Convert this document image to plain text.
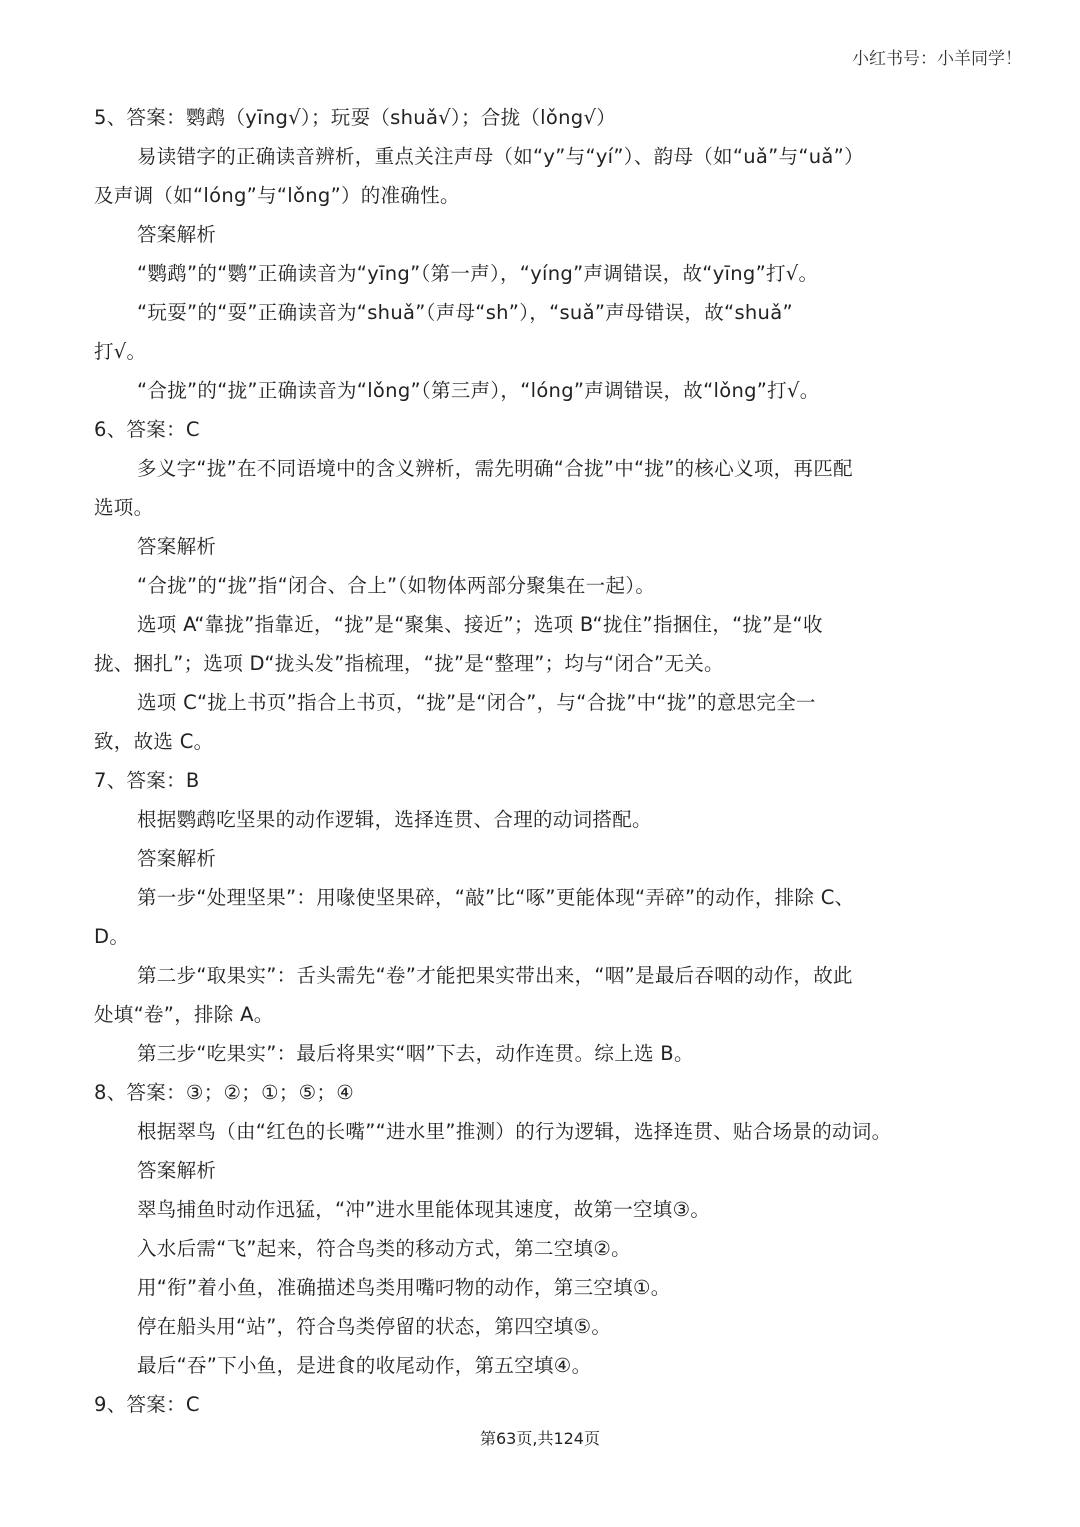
小红书号：小羊同学！
5、答案：鹦鹉（yīng√）；玩耍（shuǎ√）；合拢（lǒng√）
易读错字的正确读音辨析，重点关注声母（如“y”与“yí”）、韵母（如“uǎ”与“uǎ”）
及声调（如“lóng”与“lǒng”）的准确性。
答案解析
“鹦鹉”的“鹦”正确读音为“yīng”（第一声），“yíng”声调错误，故“yīng”打√。
“玩耍”的“耍”正确读音为“shuǎ”（声母“sh”），“suǎ”声母错误，故“shuǎ”
打√。
“合拢”的“拢”正确读音为“lǒng”（第三声），“lóng”声调错误，故“lǒng”打√。
6、答案：C
多义字“拢”在不同语境中的含义辨析，需先明确“合拢”中“拢”的核心义项，再匹配
选项。
答案解析
“合拢”的“拢”指“闭合、合上”（如物体两部分聚集在一起）。
选项 A“靠拢”指靠近，“拢”是“聚集、接近”；选项 B“拢住”指捆住，“拢”是“收
拢、捆扎”；选项 D“拢头发”指梳理，“拢”是“整理”；均与“闭合”无关。
选项 C“拢上书页”指合上书页，“拢”是“闭合”，与“合拢”中“拢”的意思完全一
致，故选 C。
7、答案：B
根据鹦鹉吃坚果的动作逻辑，选择连贯、合理的动词搭配。
答案解析
第一步“处理坚果”：用喙使坚果碎，“敲”比“啄”更能体现“弄碎”的动作，排除 C、
D。
第二步“取果实”：舌头需先“卷”才能把果实带出来，“咽”是最后吞咽的动作，故此
处填“卷”，排除 A。
第三步“吃果实”：最后将果实“咽”下去，动作连贯。综上选 B。
8、答案：③；②；①；⑤；④
根据翠鸟（由“红色的长嘴”“进水里”推测）的行为逻辑，选择连贯、贴合场景的动词。
答案解析
翠鸟捕鱼时动作迅猛，“冲”进水里能体现其速度，故第一空填③。
入水后需“飞”起来，符合鸟类的移动方式，第二空填②。
用“衔”着小鱼，准确描述鸟类用嘴叼物的动作，第三空填①。
停在船头用“站”，符合鸟类停留的状态，第四空填⑤。
最后“吞”下小鱼，是进食的收尾动作，第五空填④。
9、答案：C
第63页,共124页
